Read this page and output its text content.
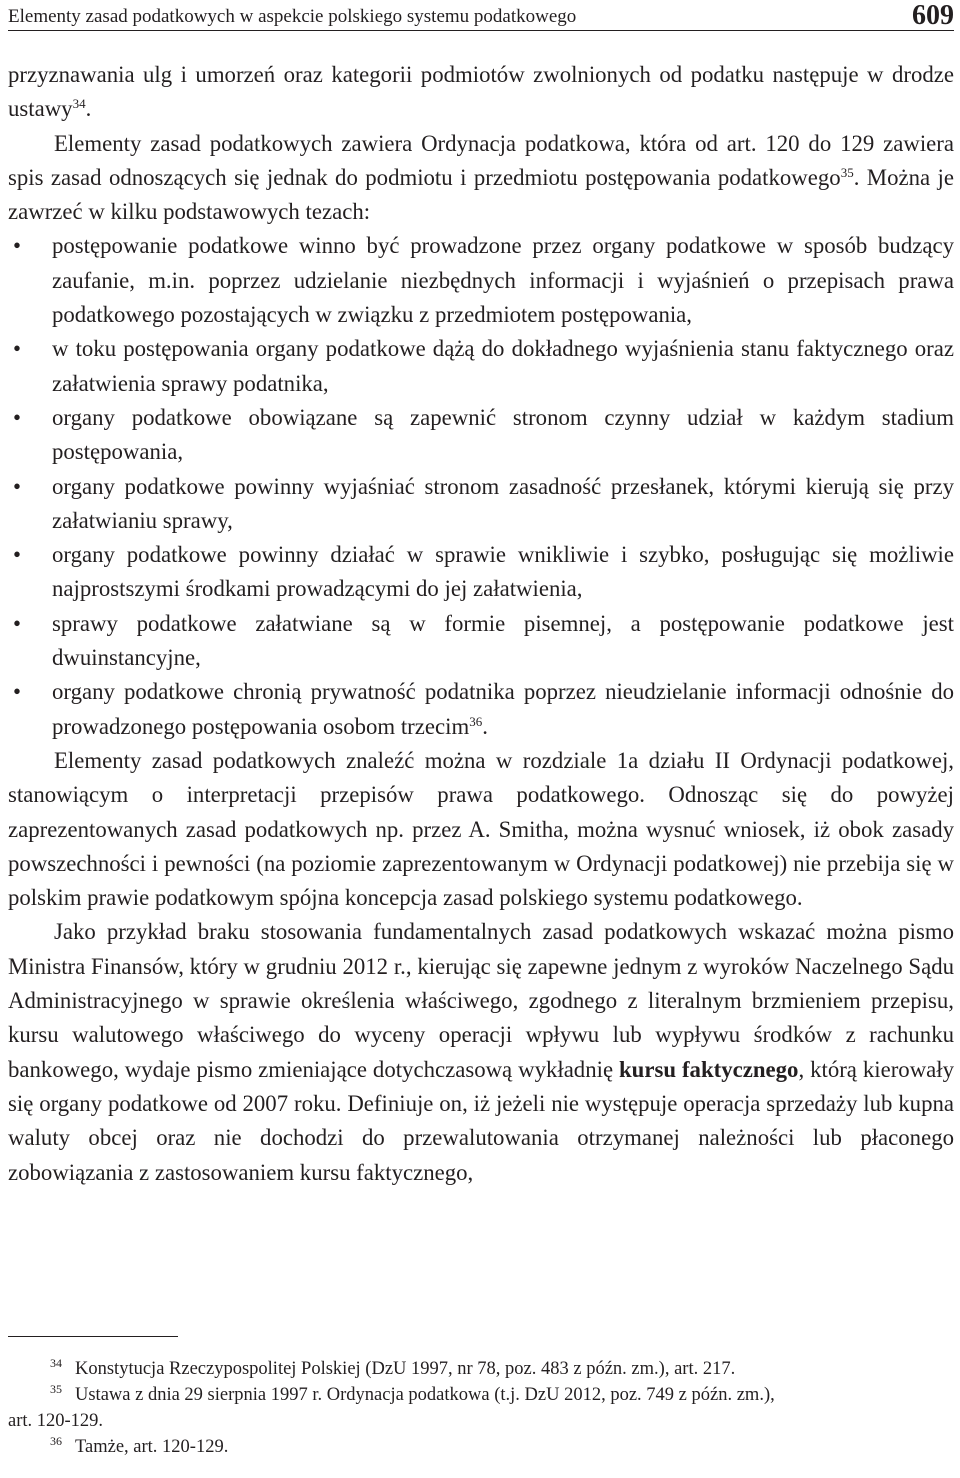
Elementy zasad podatkowych w aspekcie polskiego systemu podatkowego	609

przyznawania ulg i umorzeń oraz kategorii podmiotów zwolnionych od podatku następuje w drodze ustawy$^{34}$.

Elementy zasad podatkowych zawiera Ordynacja podatkowa, która od art. 120 do 129 zawiera spis zasad odnoszących się jednak do podmiotu i przedmiotu postępowania podatkowego$^{35}$. Można je zawrzeć w kilku podstawowych tezach:

• postępowanie podatkowe winno być prowadzone przez organy podatkowe w sposób budzący zaufanie, m.in. poprzez udzielanie niezbędnych informacji i wyjaśnień o przepisach prawa podatkowego pozostających w związku z przedmiotem postępowania,
• w toku postępowania organy podatkowe dążą do dokładnego wyjaśnienia stanu faktycznego oraz załatwienia sprawy podatnika,
• organy podatkowe obowiązane są zapewnić stronom czynny udział w każdym stadium postępowania,
• organy podatkowe powinny wyjaśniać stronom zasadność przesłanek, którymi kierują się przy załatwianiu sprawy,
• organy podatkowe powinny działać w sprawie wnikliwie i szybko, posługując się możliwie najprostszymi środkami prowadzącymi do jej załatwienia,
• sprawy podatkowe załatwiane są w formie pisemnej, a postępowanie podatkowe jest dwuinstancyjne,
• organy podatkowe chronią prywatność podatnika poprzez nieudzielanie informacji odnośnie do prowadzonego postępowania osobom trzecim$^{36}$.

Elementy zasad podatkowych znaleźć można w rozdziale 1a działu II Ordynacji podatkowej, stanowiącym o interpretacji przepisów prawa podatkowego. Odnosząc się do powyżej zaprezentowanych zasad podatkowych np. przez A. Smitha, można wysnuć wniosek, iż obok zasady powszechności i pewności (na poziomie zaprezentowanym w Ordynacji podatkowej) nie przebija się w polskim prawie podatkowym spójna koncepcja zasad polskiego systemu podatkowego.

Jako przykład braku stosowania fundamentalnych zasad podatkowych wskazać można pismo Ministra Finansów, który w grudniu 2012 r., kierując się zapewne jednym z wyroków Naczelnego Sądu Administracyjnego w sprawie określenia właściwego, zgodnego z literalnym brzmieniem przepisu, kursu walutowego właściwego do wyceny operacji wpływu lub wypływu środków z rachunku bankowego, wydaje pismo zmieniające dotychczasową wykładnię kursu faktycznego, którą kierowały się organy podatkowe od 2007 roku. Definiuje on, iż jeżeli nie występuje operacja sprzedaży lub kupna waluty obcej oraz nie dochodzi do przewalutowania otrzymanej należności lub płaconego zobowiązania z zastosowaniem kursu faktycznego,

34 Konstytucja Rzeczypospolitej Polskiej (DzU 1997, nr 78, poz. 483 z późn. zm.), art. 217.

35 Ustawa z dnia 29 sierpnia 1997 r. Ordynacja podatkowa (t.j. DzU 2012, poz. 749 z późn. zm.),
art. 120-129.

36 Tamże, art. 120-129.
